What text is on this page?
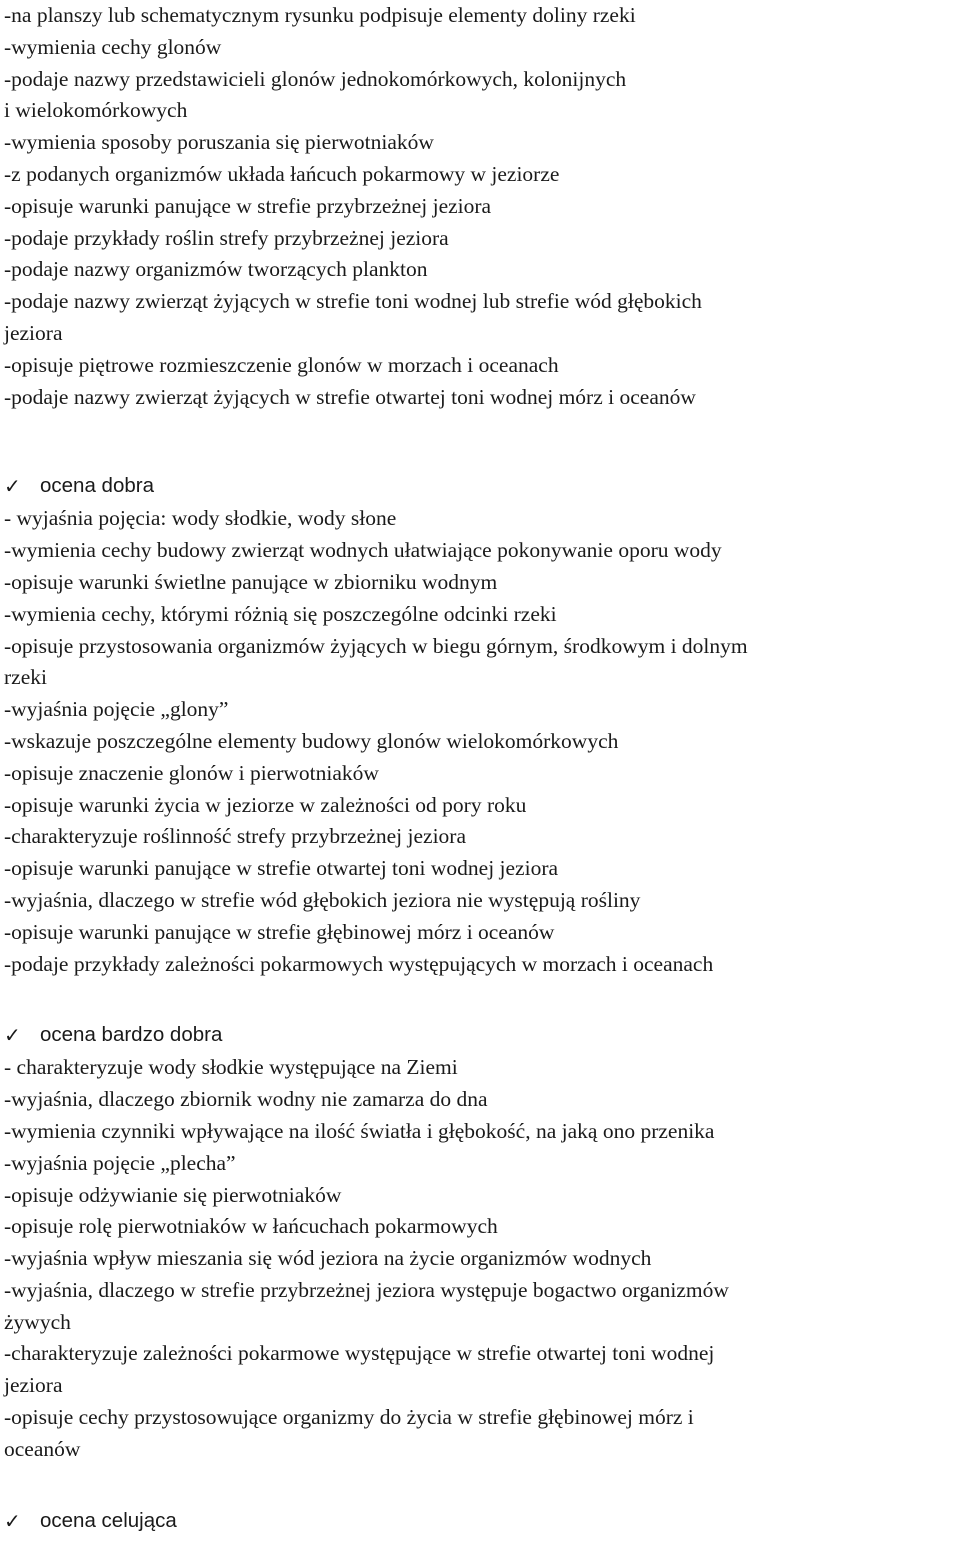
-na planszy lub schematycznym rysunku podpisuje elementy doliny rzeki

-wymienia cechy glonów

-podaje nazwy przedstawicieli glonów jednokomórkowych, kolonijnych

i wielokomórkowych

-wymienia sposoby poruszania się pierwotniaków

-z podanych organizmów układa łańcuch pokarmowy w jeziorze

-opisuje warunki panujące w strefie przybrzeżnej jeziora

-podaje przykłady roślin strefy przybrzeżnej jeziora

-podaje nazwy organizmów tworzących plankton

-podaje nazwy zwierząt żyjących w strefie toni wodnej lub strefie wód głębokich

jeziora

-opisuje piętrowe rozmieszczenie glonów w morzach i oceanach

-podaje nazwy zwierząt żyjących w strefie otwartej toni wodnej mórz i oceanów

✓ ocena dobra

- wyjaśnia pojęcia: wody słodkie, wody słone

-wymienia cechy budowy zwierząt wodnych ułatwiające pokonywanie oporu wody

-opisuje warunki świetlne panujące w zbiorniku wodnym

-wymienia cechy, którymi różnią się poszczególne odcinki rzeki

-opisuje przystosowania organizmów żyjących w biegu górnym, środkowym i dolnym

rzeki

-wyjaśnia pojęcie „glony”

-wskazuje poszczególne elementy budowy glonów wielokomórkowych

-opisuje znaczenie glonów i pierwotniaków

-opisuje warunki życia w jeziorze w zależności od pory roku

-charakteryzuje roślinność strefy przybrzeżnej jeziora

-opisuje warunki panujące w strefie otwartej toni wodnej jeziora

-wyjaśnia, dlaczego w strefie wód głębokich jeziora nie występują rośliny

-opisuje warunki panujące w strefie głębinowej mórz i oceanów

-podaje przykłady zależności pokarmowych występujących w morzach i oceanach

✓ ocena bardzo dobra

- charakteryzuje wody słodkie występujące na Ziemi

-wyjaśnia, dlaczego zbiornik wodny nie zamarza do dna

-wymienia czynniki wpływające na ilość światła i głębokość, na jaką ono przenika

-wyjaśnia pojęcie „plecha”

-opisuje odżywianie się pierwotniaków

-opisuje rolę pierwotniaków w łańcuchach pokarmowych

-wyjaśnia wpływ mieszania się wód jeziora na życie organizmów wodnych

-wyjaśnia, dlaczego w strefie przybrzeżnej jeziora występuje bogactwo organizmów

żywych

-charakteryzuje zależności pokarmowe występujące w strefie otwartej toni wodnej

jeziora

-opisuje cechy przystosowujące organizmy do życia w strefie głębinowej mórz i

oceanów

✓ ocena celująca
